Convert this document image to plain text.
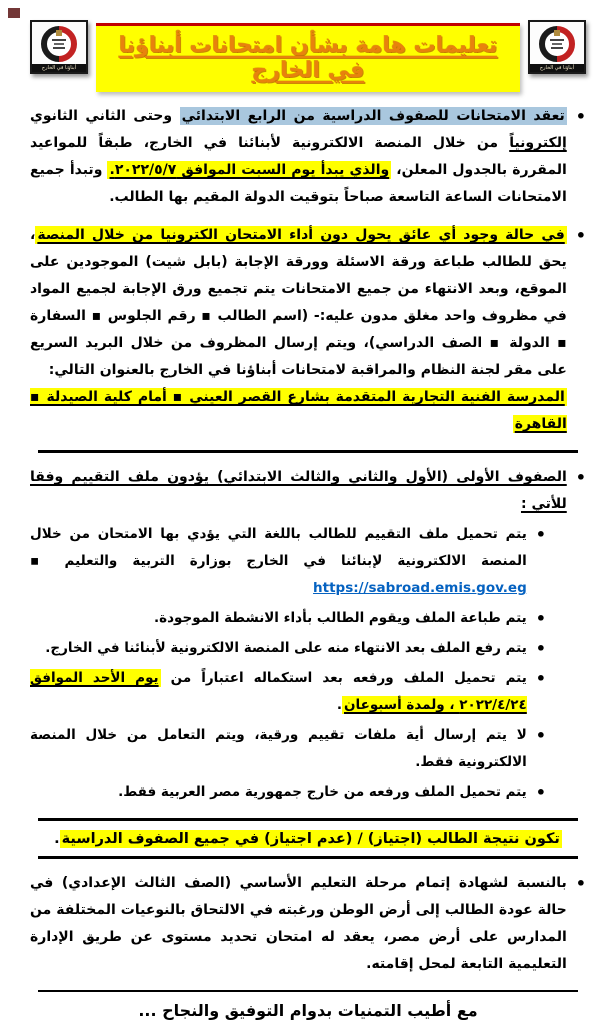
أبناؤنا في الخارج
تعليمات هامة بشأن امتحانات أبناؤنا في الخارج
أبناؤنا في الخارج
•
تعقد الامتحانات للصفوف الدراسية من الرابع الابتدائي وحتى الثاني الثانوي إلكترونياً من خلال المنصة الالكترونية لأبنائنا في الخارج، طبقاً للمواعيد المقررة بالجدول المعلن، والذي يبدأ يوم السبت الموافق ٢٠٢٢/٥/٧. وتبدأ جميع الامتحانات الساعة التاسعة صباحاً بتوقيت الدولة المقيم بها الطالب.
•
في حالة وجود أي عائق يحول دون أداء الامتحان الكترونيا من خلال المنصة، يحق للطالب طباعة ورقة الاسئلة وورقة الإجابة (بابل شيت) الموجودين على الموقع، وبعد الانتهاء من جميع الامتحانات يتم تجميع ورق الإجابة لجميع المواد في مظروف واحد مغلق مدون عليه:- (اسم الطالب ▪ رقم الجلوس ▪ السفارة ▪ الدولة ▪ الصف الدراسي)، ويتم إرسال المظروف من خلال البريد السريع على مقر لجنة النظام والمراقبة لامتحانات أبناؤنا في الخارج بالعنوان التالي:
المدرسة الفنية التجارية المتقدمة بشارع القصر العيني ▪ أمام كلية الصيدلة ▪ القاهرة
•
الصفوف الأولى (الأول والثاني والثالث الابتدائي) يؤدون ملف التقييم وفقا للأتي :
•
يتم تحميل ملف التقييم للطالب باللغة التي يؤدي بها الامتحان من خلال المنصة الالكترونية لإبنائنا في الخارج بوزارة التربية والتعليم ▪ https://sabroad.emis.gov.eg
•
يتم طباعة الملف ويقوم الطالب بأداء الانشطة الموجودة.
•
يتم رفع الملف بعد الانتهاء منه على المنصة الالكترونية لأبنائنا في الخارج.
•
يتم تحميل الملف ورفعه بعد استكماله اعتباراً من يوم الأحد الموافق ٢٠٢٢/٤/٢٤ ، ولمدة أسبوعان.
•
لا يتم إرسال أية ملفات تقييم ورقية، ويتم التعامل من خلال المنصة الالكترونية فقط.
•
يتم تحميل الملف ورفعه من خارج جمهورية مصر العربية فقط.
تكون نتيجة الطالب (اجتياز) / (عدم اجتياز) في جميع الصفوف الدراسية.
•
بالنسبة لشهادة إتمام مرحلة التعليم الأساسي (الصف الثالث الإعدادي) في حالة عودة الطالب إلى أرض الوطن ورغبته في الالتحاق بالنوعيات المختلفة من المدارس على أرض مصر، يعقد له امتحان تحديد مستوى عن طريق الإدارة التعليمية التابعة لمحل إقامته.
مع أطيب التمنيات بدوام التوفيق والنجاح ...
